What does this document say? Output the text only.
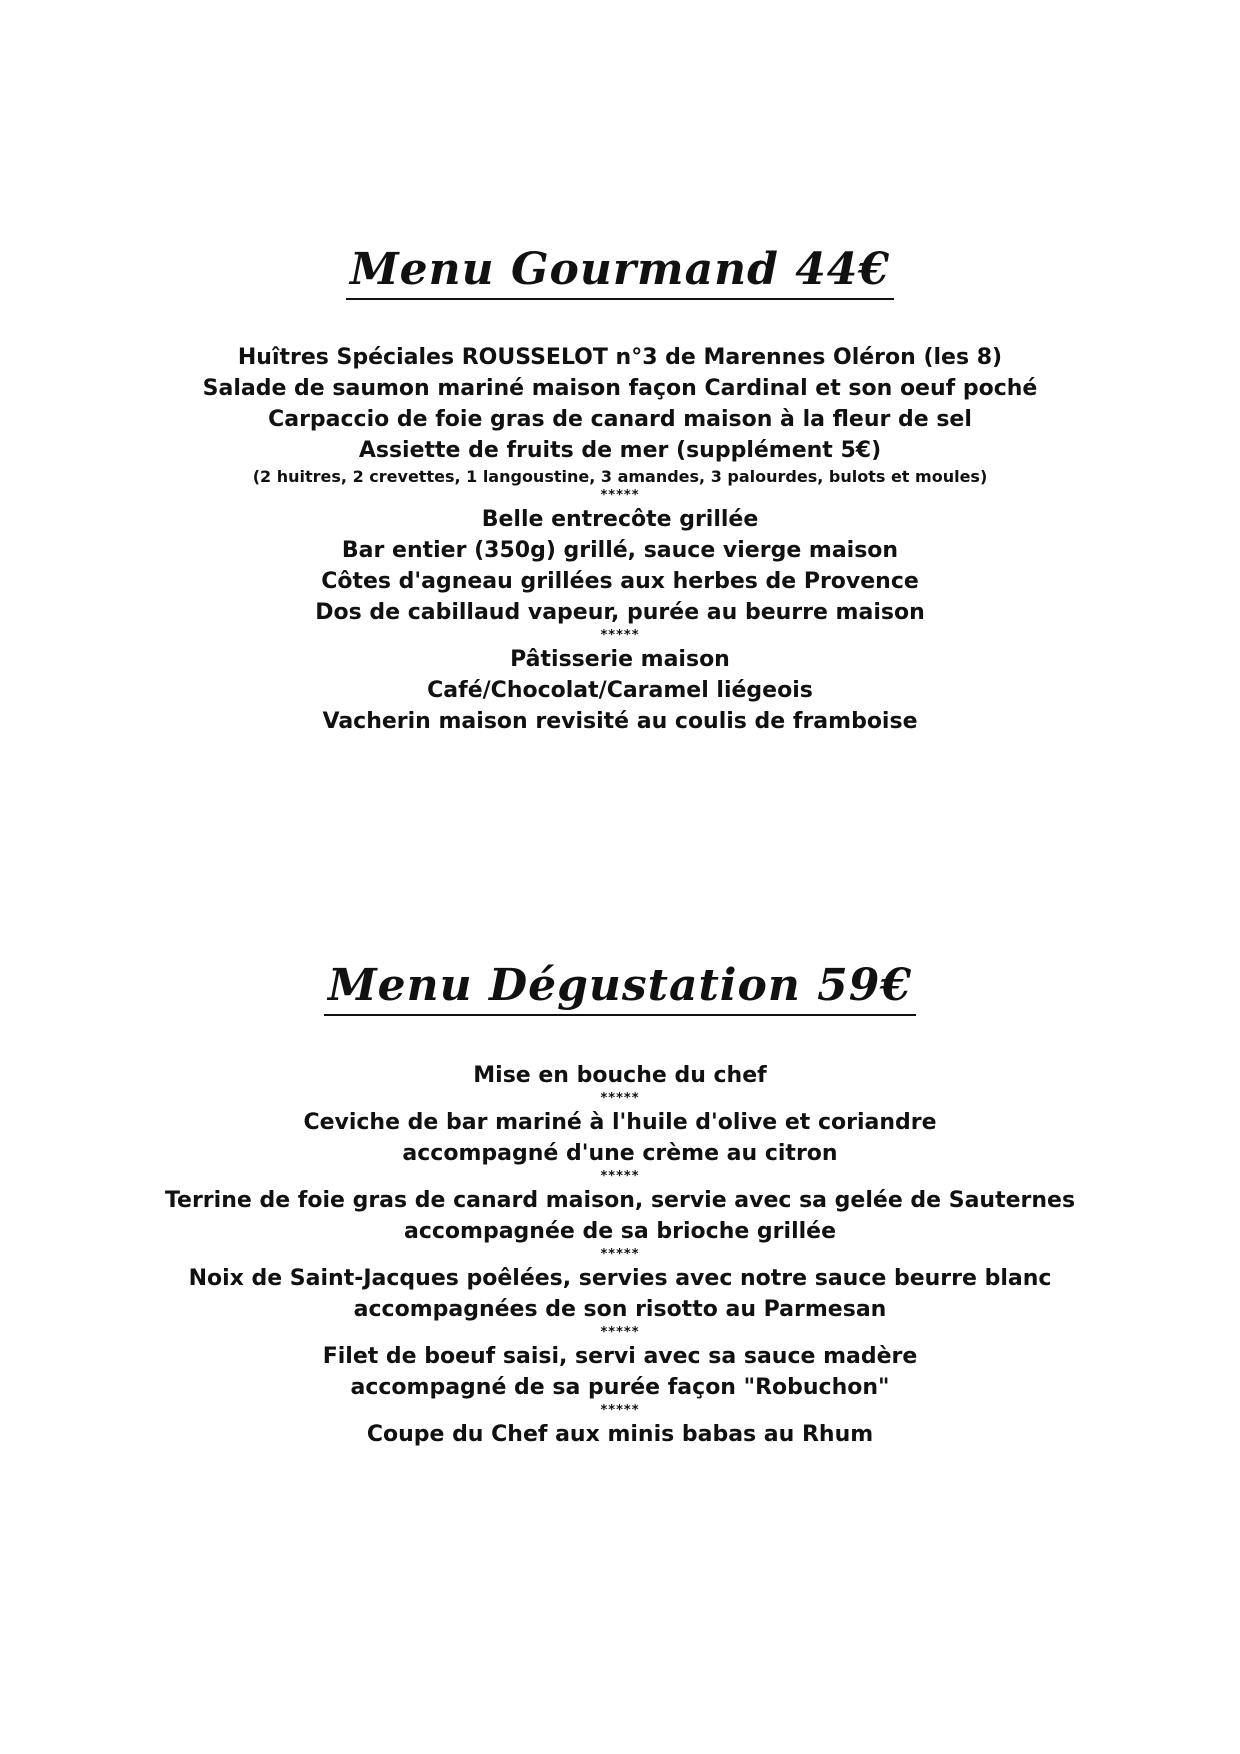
Menu Gourmand 44€
Huîtres Spéciales ROUSSELOT n°3 de Marennes Oléron (les 8)
Salade de saumon mariné maison façon Cardinal et son oeuf poché
Carpaccio de foie gras de canard maison à la fleur de sel
Assiette de fruits de mer (supplément 5€)
(2 huitres, 2 crevettes, 1 langoustine, 3 amandes, 3 palourdes, bulots et moules)
*****
Belle entrecôte grillée
Bar entier (350g) grillé, sauce vierge maison
Côtes d'agneau grillées aux herbes de Provence
Dos de cabillaud vapeur, purée au beurre maison
*****
Pâtisserie maison
Café/Chocolat/Caramel liégeois
Vacherin maison revisité au coulis de framboise
Menu Dégustation 59€
Mise en bouche du chef
*****
Ceviche de bar mariné à l'huile d'olive et coriandre
accompagné d'une crème au citron
*****
Terrine de foie gras de canard maison, servie avec sa gelée de Sauternes
accompagnée de sa brioche grillée
*****
Noix de Saint-Jacques poêlées, servies avec notre sauce beurre blanc
accompagnées de son risotto au Parmesan
*****
Filet de boeuf saisi, servi avec sa sauce madère
accompagné de sa purée façon "Robuchon"
*****
Coupe du Chef aux minis babas au Rhum
